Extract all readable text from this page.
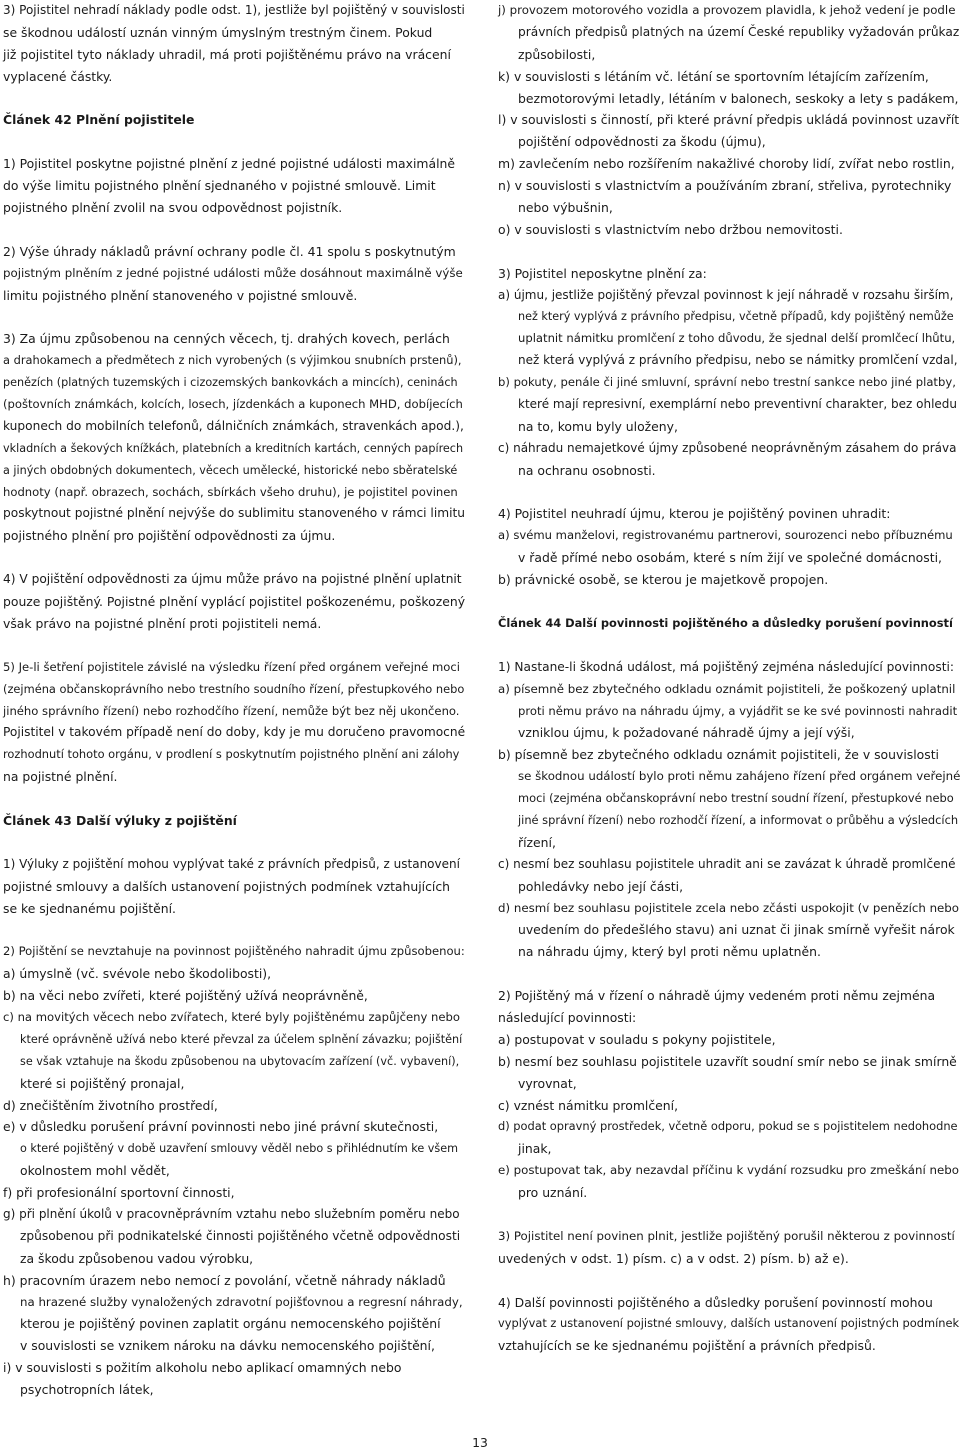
3) Pojistitel nehradí náklady podle odst. 1), jestliže byl pojištěný v souvislosti
se škodnou událostí uznán vinným úmyslným trestným činem. Pokud
již pojistitel tyto náklady uhradil, má proti pojištěnému právo na vrácení
vyplacené částky.
Článek 42 Plnění pojistitele
1) Pojistitel poskytne pojistné plnění z jedné pojistné události maximálně
do výše limitu pojistného plnění sjednaného v pojistné smlouvě. Limit
pojistného plnění zvolil na svou odpovědnost pojistník.
2) Výše úhrady nákladů právní ochrany podle čl. 41 spolu s poskytnutým
pojistným plněním z jedné pojistné události může dosáhnout maximálně výše
limitu pojistného plnění stanoveného v pojistné smlouvě.
3) Za újmu způsobenou na cenných věcech, tj. drahých kovech, perlách
a drahokamech a předmětech z nich vyrobených (s výjimkou snubních prstenů),
penězích (platných tuzemských i cizozemských bankovkách a mincích), ceninách
(poštovních známkách, kolcích, losech, jízdenkách a kuponech MHD, dobíjecích
kuponech do mobilních telefonů, dálničních známkách, stravenkách apod.),
vkladních a šekových knížkách, platebních a kreditních kartách, cenných papírech
a jiných obdobných dokumentech, věcech umělecké, historické nebo sběratelské
hodnoty (např. obrazech, sochách, sbírkách všeho druhu), je pojistitel povinen
poskytnout pojistné plnění nejvýše do sublimitu stanoveného v rámci limitu
pojistného plnění pro pojištění odpovědnosti za újmu.
4) V pojištění odpovědnosti za újmu může právo na pojistné plnění uplatnit
pouze pojištěný. Pojistné plnění vyplácí pojistitel poškozenému, poškozený
však právo na pojistné plnění proti pojistiteli nemá.
5) Je-li šetření pojistitele závislé na výsledku řízení před orgánem veřejné moci
(zejména občanskoprávního nebo trestního soudního řízení, přestupkového nebo
jiného správního řízení) nebo rozhodčího řízení, nemůže být bez něj ukončeno.
Pojistitel v takovém případě není do doby, kdy je mu doručeno pravomocné
rozhodnutí tohoto orgánu, v prodlení s poskytnutím pojistného plnění ani zálohy
na pojistné plnění.
Článek 43 Další výluky z pojištění
1) Výluky z pojištění mohou vyplývat také z právních předpisů, z ustanovení
pojistné smlouvy a dalších ustanovení pojistných podmínek vztahujících
se ke sjednanému pojištění.
2) Pojištění se nevztahuje na povinnost pojištěného nahradit újmu způsobenou:
a) úmyslně (vč. svévole nebo škodolibosti),
b) na věci nebo zvířeti, které pojištěný užívá neoprávněně,
c) na movitých věcech nebo zvířatech, které byly pojištěnému zapůjčeny nebo
které oprávněně užívá nebo které převzal za účelem splnění závazku; pojištění
se však vztahuje na škodu způsobenou na ubytovacím zařízení (vč. vybavení),
které si pojištěný pronajal,
d) znečištěním životního prostředí,
e) v důsledku porušení právní povinnosti nebo jiné právní skutečnosti,
o které pojištěný v době uzavření smlouvy věděl nebo s přihlédnutím ke všem
okolnostem mohl vědět,
f) při profesionální sportovní činnosti,
g) při plnění úkolů v pracovněprávním vztahu nebo služebním poměru nebo
způsobenou při podnikatelské činnosti pojištěného včetně odpovědnosti
za škodu způsobenou vadou výrobku,
h) pracovním úrazem nebo nemocí z povolání, včetně náhrady nákladů
na hrazené služby vynaložených zdravotní pojišťovnou a regresní náhrady,
kterou je pojištěný povinen zaplatit orgánu nemocenského pojištění
v souvislosti se vznikem nároku na dávku nemocenského pojištění,
i) v souvislosti s požitím alkoholu nebo aplikací omamných nebo
psychotropních látek,
j) provozem motorového vozidla a provozem plavidla, k jehož vedení je podle
právních předpisů platných na území České republiky vyžadován průkaz
způsobilosti,
k) v souvislosti s létáním vč. létání se sportovním létajícím zařízením,
bezmotorovými letadly, létáním v balonech, seskoky a lety s padákem,
l) v souvislosti s činností, při které právní předpis ukládá povinnost uzavřít
pojištění odpovědnosti za škodu (újmu),
m) zavlečením nebo rozšířením nakažlivé choroby lidí, zvířat nebo rostlin,
n) v souvislosti s vlastnictvím a používáním zbraní, střeliva, pyrotechniky
nebo výbušnin,
o) v souvislosti s vlastnictvím nebo držbou nemovitosti.
3) Pojistitel neposkytne plnění za:
a) újmu, jestliže pojištěný převzal povinnost k její náhradě v rozsahu širším,
než který vyplývá z právního předpisu, včetně případů, kdy pojištěný nemůže
uplatnit námitku promlčení z toho důvodu, že sjednal delší promlčecí lhůtu,
než která vyplývá z právního předpisu, nebo se námitky promlčení vzdal,
b) pokuty, penále či jiné smluvní, správní nebo trestní sankce nebo jiné platby,
které mají represivní, exemplární nebo preventivní charakter, bez ohledu
na to, komu byly uloženy,
c) náhradu nemajetkové újmy způsobené neoprávněným zásahem do práva
na ochranu osobnosti.
4) Pojistitel neuhradí újmu, kterou je pojištěný povinen uhradit:
a) svému manželovi, registrovanému partnerovi, sourozenci nebo příbuznému
v řadě přímé nebo osobám, které s ním žijí ve společné domácnosti,
b) právnické osobě, se kterou je majetkově propojen.
Článek 44 Další povinnosti pojištěného a důsledky porušení povinností
1) Nastane-li škodná událost, má pojištěný zejména následující povinnosti:
a) písemně bez zbytečného odkladu oznámit pojistiteli, že poškozený uplatnil
proti němu právo na náhradu újmy, a vyjádřit se ke své povinnosti nahradit
vzniklou újmu, k požadované náhradě újmy a její výši,
b) písemně bez zbytečného odkladu oznámit pojistiteli, že v souvislosti
se škodnou událostí bylo proti němu zahájeno řízení před orgánem veřejné
moci (zejména občanskoprávní nebo trestní soudní řízení, přestupkové nebo
jiné správní řízení) nebo rozhodčí řízení, a informovat o průběhu a výsledcích
řízení,
c) nesmí bez souhlasu pojistitele uhradit ani se zavázat k úhradě promlčené
pohledávky nebo její části,
d) nesmí bez souhlasu pojistitele zcela nebo zčásti uspokojit (v penězích nebo
uvedením do předešlého stavu) ani uznat či jinak smírně vyřešit nárok
na náhradu újmy, který byl proti němu uplatněn.
2) Pojištěný má v řízení o náhradě újmy vedeném proti němu zejména
následující povinnosti:
a) postupovat v souladu s pokyny pojistitele,
b) nesmí bez souhlasu pojistitele uzavřít soudní smír nebo se jinak smírně
vyrovnat,
c) vznést námitku promlčení,
d) podat opravný prostředek, včetně odporu, pokud se s pojistitelem nedohodne
jinak,
e) postupovat tak, aby nezavdal příčinu k vydání rozsudku pro zmeškání nebo
pro uznání.
3) Pojistitel není povinen plnit, jestliže pojištěný porušil některou z povinností
uvedených v odst. 1) písm. c) a v odst. 2) písm. b) až e).
4) Další povinnosti pojištěného a důsledky porušení povinností mohou
vyplývat z ustanovení pojistné smlouvy, dalších ustanovení pojistných podmínek
vztahujících se ke sjednanému pojištění a právních předpisů.
13
